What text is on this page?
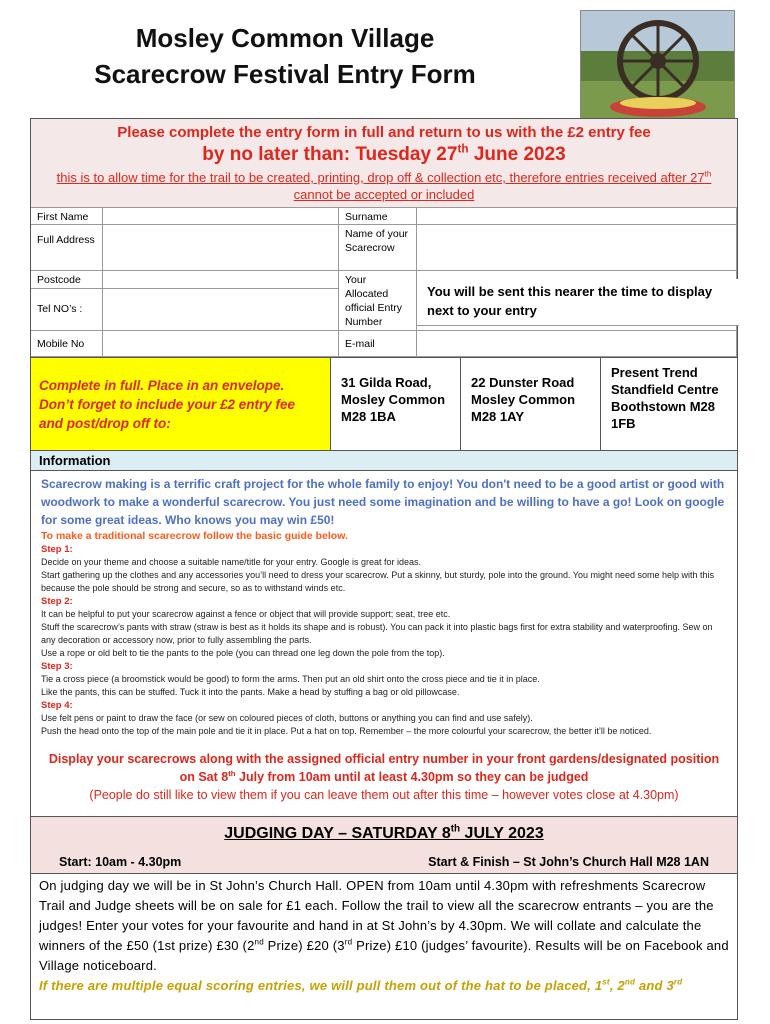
Mosley Common Village
Scarecrow Festival Entry Form
Please complete the entry form in full and return to us with the £2 entry fee
by no later than: Tuesday 27th June 2023
this is to allow time for the trail to be created, printing, drop off & collection etc, therefore entries received after 27th cannot be accepted or included
First Name	Surname
Full Address	Name of your Scarecrow
Postcode	Your Allocated official Entry Number
Tel NO’s :
Mobile No	E-mail
You will be sent this nearer the time to display next to your entry
Complete in full. Place in an envelope. Don’t forget to include your £2 entry fee and post/drop off to:
31 Gilda Road, Mosley Common M28 1BA
22 Dunster Road Mosley Common M28 1AY
Present Trend Standfield Centre Boothstown M28 1FB
Information
Scarecrow making is a terrific craft project for the whole family to enjoy! You don't need to be a good artist or good with woodwork to make a wonderful scarecrow. You just need some imagination and be willing to have a go! Look on google for some great ideas. Who knows you may win £50!
To make a traditional scarecrow follow the basic guide below.
Step 1:
Decide on your theme and choose a suitable name/title for your entry. Google is great for ideas.
Start gathering up the clothes and any accessories you’ll need to dress your scarecrow. Put a skinny, but sturdy, pole into the ground. You might need some help with this because the pole should be strong and secure, so as to withstand winds etc.
Step 2:
It can be helpful to put your scarecrow against a fence or object that will provide support; seat, tree etc.
Stuff the scarecrow’s pants with straw (straw is best as it holds its shape and is robust). You can pack it into plastic bags first for extra stability and waterproofing. Sew on any decoration or accessory now, prior to fully assembling the parts.
Use a rope or old belt to tie the pants to the pole (you can thread one leg down the pole from the top).
Step 3:
Tie a cross piece (a broomstick would be good) to form the arms. Then put an old shirt onto the cross piece and tie it in place.
Like the pants, this can be stuffed. Tuck it into the pants. Make a head by stuffing a bag or old pillowcase.
Step 4:
Use felt pens or paint to draw the face (or sew on coloured pieces of cloth, buttons or anything you can find and use safely).
Push the head onto the top of the main pole and tie it in place. Put a hat on top. Remember – the more colourful your scarecrow, the better it’ll be noticed.
Display your scarecrows along with the assigned official entry number in your front gardens/designated position on Sat 8th July from 10am until at least 4.30pm so they can be judged
(People do still like to view them if you can leave them out after this time – however votes close at 4.30pm)
JUDGING DAY – SATURDAY 8th JULY 2023
Start: 10am - 4.30pm	Start & Finish – St John’s Church Hall M28 1AN
On judging day we will be in St John’s Church Hall. OPEN from 10am until 4.30pm with refreshments Scarecrow Trail and Judge sheets will be on sale for £1 each. Follow the trail to view all the scarecrow entrants – you are the judges! Enter your votes for your favourite and hand in at St John’s by 4.30pm. We will collate and calculate the winners of the £50 (1st prize) £30 (2nd Prize) £20 (3rd Prize) £10 (judges’ favourite). Results will be on Facebook and Village noticeboard.
If there are multiple equal scoring entries, we will pull them out of the hat to be placed, 1st, 2nd and 3rd
